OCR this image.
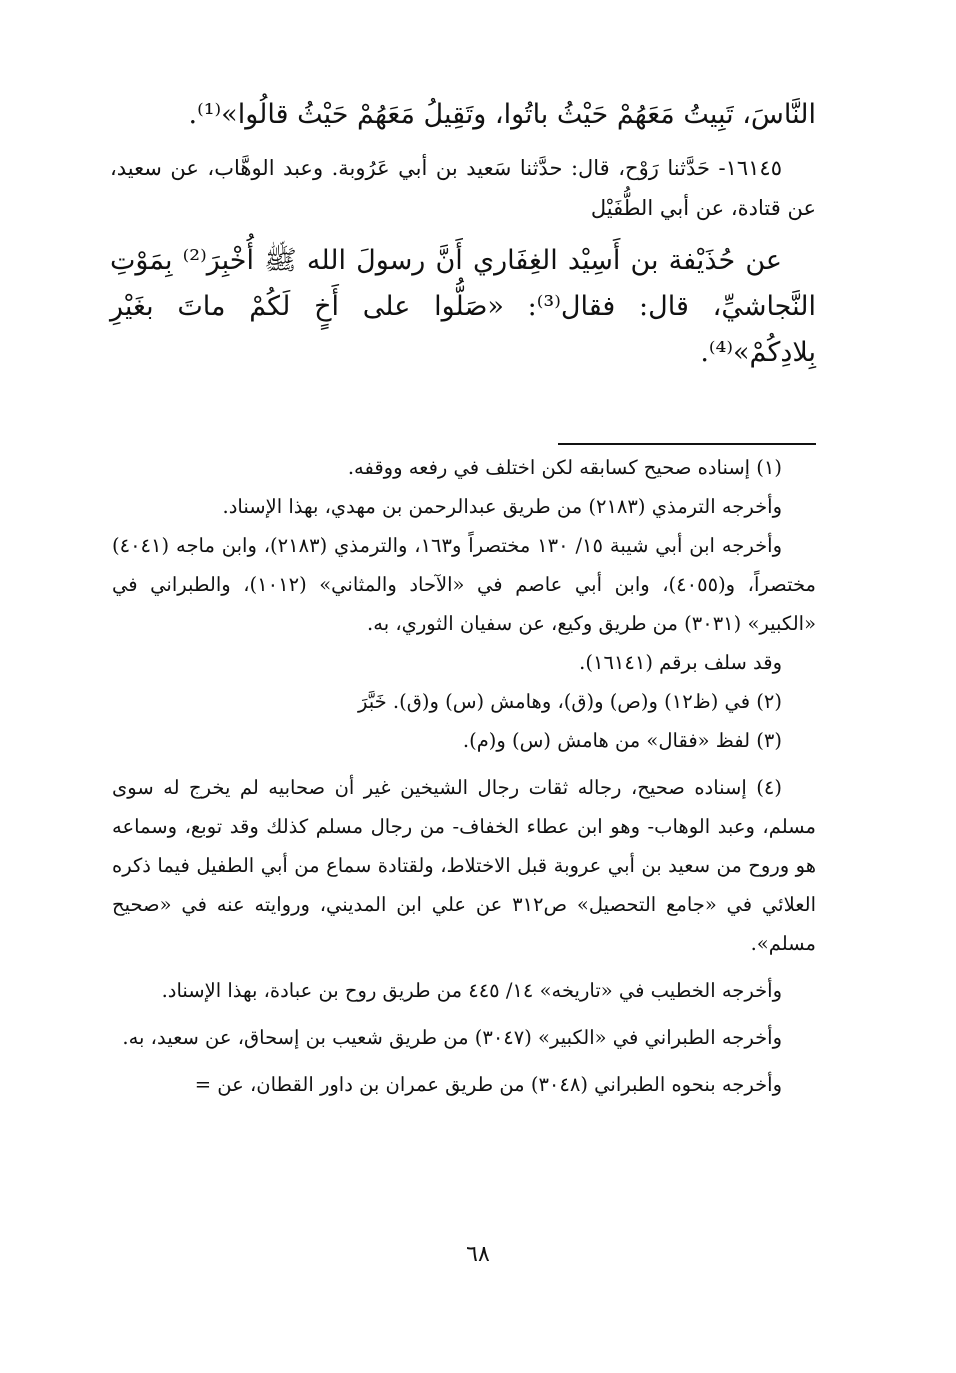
النَّاسَ، تَبِيتُ مَعَهُمْ حَيْثُ باتُوا، وتَقِيلُ مَعَهُمْ حَيْثُ قالُوا»⁽¹⁾.

١٦١٤٥- حَدَّثنا رَوْح، قال: حدَّثنا سَعيد بن أبي عَرُوبة. وعبد الوهَّاب، عن سعيد، عن قتادة، عن أبي الطُّفَيْل

عن حُذَيْفة بن أَسِيْد الغِفَاري أَنَّ رسولَ الله ﷺ أُخْبِرَ⁽²⁾ بِمَوْتِ النَّجاشيِّ، قال: فقال⁽³⁾: «صَلُّوا على أَخٍ لَكُمْ ماتَ بغَيْرِ بِلادِكُمْ»⁽⁴⁾.

(١) إسناده صحيح كسابقه لكن اختلف في رفعه ووقفه.

وأخرجه الترمذي (٢١٨٣) من طريق عبدالرحمن بن مهدي، بهذا الإسناد.

وأخرجه ابن أبي شيبة ١٥/ ١٣٠ مختصراً و١٦٣، والترمذي (٢١٨٣)، وابن ماجه (٤٠٤١) مختصراً، و(٤٠٥٥)، وابن أبي عاصم في «الآحاد والمثاني» (١٠١٢)، والطبراني في «الكبير» (٣٠٣١) من طريق وكيع، عن سفيان الثوري، به.

وقد سلف برقم (١٦١٤١).

(٢) في (ظ١٢) و(ص) و(ق)، وهامش (س) و(ق). خَبَّرَ

(٣) لفظ «فقال» من هامش (س) و(م).

(٤) إسناده صحيح، رجاله ثقات رجال الشيخين غير أن صحابيه لم يخرج له سوى مسلم، وعبد الوهاب- وهو ابن عطاء الخفاف- من رجال مسلم كذلك وقد توبع، وسماعه هو وروح من سعيد بن أبي عروبة قبل الاختلاط، ولقتادة سماع من أبي الطفيل فيما ذكره العلائي في «جامع التحصيل» ص٣١٢ عن علي ابن المديني، وروايته عنه في «صحيح مسلم».

وأخرجه الخطيب في «تاريخه» ١٤/ ٤٤٥ من طريق روح بن عبادة، بهذا الإسناد.

وأخرجه الطبراني في «الكبير» (٣٠٤٧) من طريق شعيب بن إسحاق، عن سعيد، به.

وأخرجه بنحوه الطبراني (٣٠٤٨) من طريق عمران بن داور القطان، عن =

٦٨
